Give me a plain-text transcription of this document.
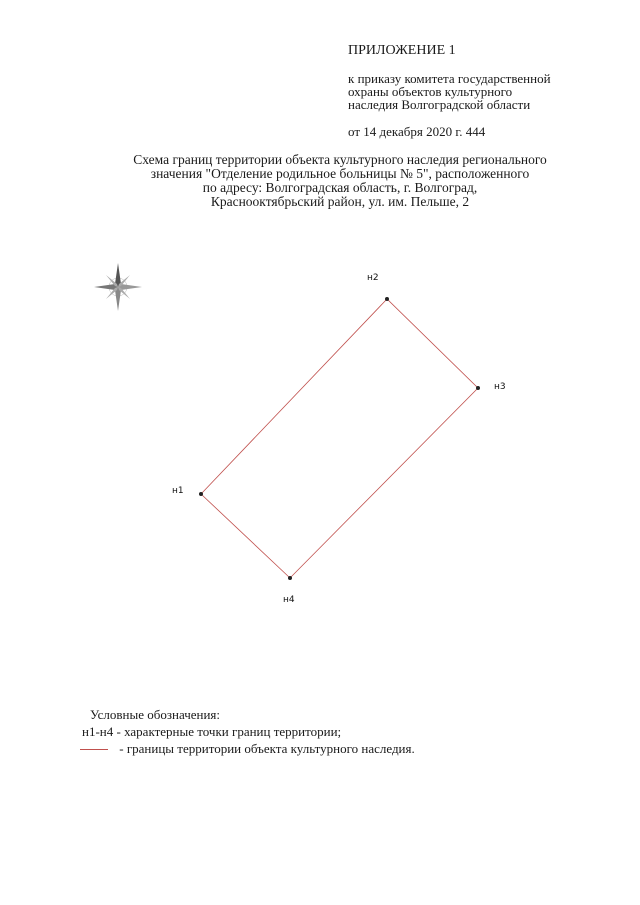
ПРИЛОЖЕНИЕ 1
к приказу комитета государственной
охраны объектов культурного
наследия Волгоградской области
от 14 декабря 2020 г. 444
Схема границ территории объекта культурного наследия регионального
значения "Отделение родильное больницы № 5", расположенного
по адресу: Волгоградская область, г. Волгоград,
Краснооктябрьский район, ул. им. Пельше, 2
н1
н2
н3
н4
Условные обозначения:
н1-н4 - характерные точки границ территории;
- границы территории объекта культурного наследия.
